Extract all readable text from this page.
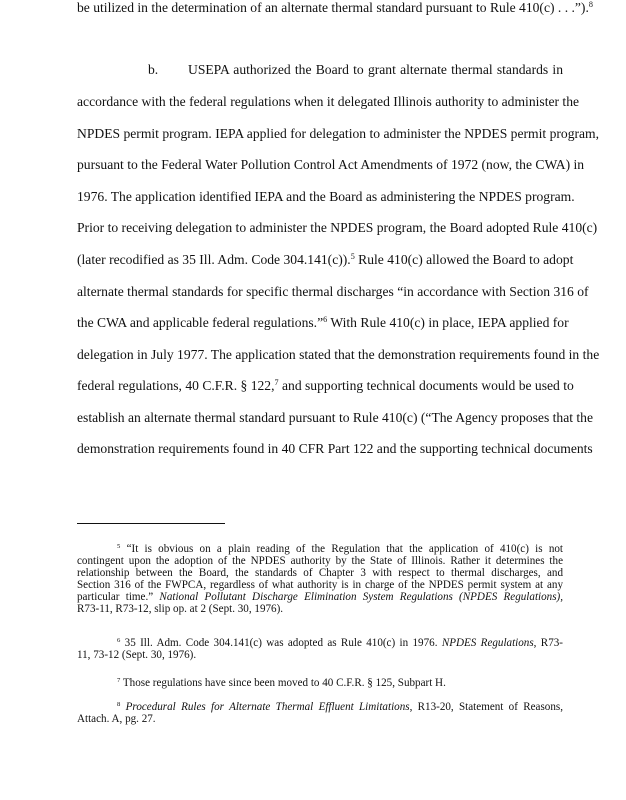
USEPA authorized the Board to grant alternate thermal standards in
b.
accordance with the federal regulations when it delegated Illinois authority to administer the
NPDES permit program. IEPA applied for delegation to administer the NPDES permit program,
pursuant to the Federal Water Pollution Control Act Amendments of 1972 (now, the CWA) in
1976. The application identified IEPA and the Board as administering the NPDES program.
Prior to receiving delegation to administer the NPDES program, the Board adopted Rule 410(c)
(later recodified as 35 Ill. Adm. Code 304.141(c)).$^5$ Rule 410(c) allowed the Board to adopt
alternate thermal standards for specific thermal discharges “in accordance with Section 316 of
the CWA and applicable federal regulations.”$^6$ With Rule 410(c) in place, IEPA applied for
delegation in July 1977. The application stated that the demonstration requirements found in the
federal regulations, 40 C.F.R. § 122,$^7$ and supporting technical documents would be used to
establish an alternate thermal standard pursuant to Rule 410(c) (“The Agency proposes that the
demonstration requirements found in 40 CFR Part 122 and the supporting technical documents
be utilized in the determination of an alternate thermal standard pursuant to Rule 410(c) . . .”).$^8$
$^5$ “It is obvious on a plain reading of the Regulation that the application of 410(c) is not
contingent upon the adoption of the NPDES authority by the State of Illinois. Rather it determines the
relationship between the Board, the standards of Chapter 3 with respect to thermal discharges, and
Section 316 of the FWPCA, regardless of what authority is in charge of the NPDES permit system at any
particular time.” National Pollutant Discharge Elimination System Regulations (NPDES Regulations),
R73-11, R73-12, slip op. at 2 (Sept. 30, 1976).
$^6$ 35 Ill. Adm. Code 304.141(c) was adopted as Rule 410(c) in 1976. NPDES Regulations, R73-
11, 73-12 (Sept. 30, 1976).
$^7$ Those regulations have since been moved to 40 C.F.R. § 125, Subpart H.
$^8$ Procedural Rules for Alternate Thermal Effluent Limitations, R13-20, Statement of Reasons,
Attach. A, pg. 27.
